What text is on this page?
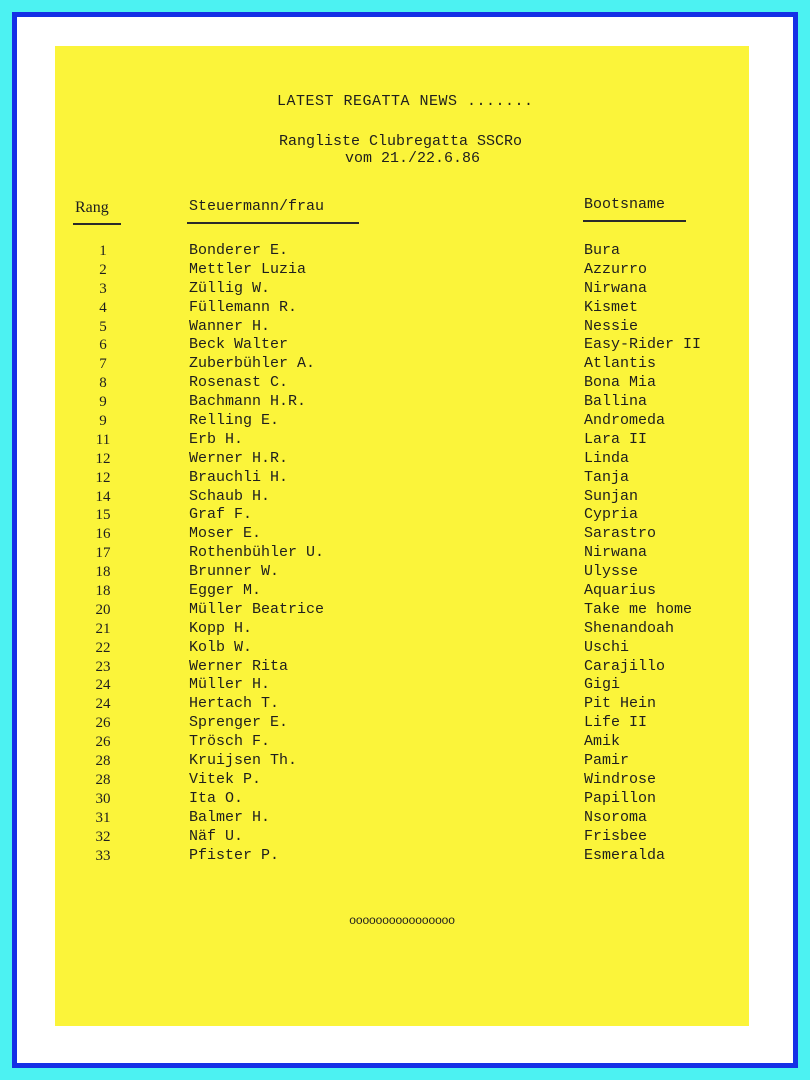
LATEST REGATTA NEWS .......
Rangliste Clubregatta SSCRo
vom 21./22.6.86
Rang	Steuermann/frau	Bootsname
1	Bonderer E.	Bura
2	Mettler Luzia	Azzurro
3	Züllig W.	Nirwana
4	Füllemann R.	Kismet
5	Wanner H.	Nessie
6	Beck Walter	Easy-Rider II
7	Zuberbühler A.	Atlantis
8	Rosenast C.	Bona Mia
9	Bachmann H.R.	Ballina
9	Relling E.	Andromeda
11	Erb H.	Lara II
12	Werner H.R.	Linda
12	Brauchli H.	Tanja
14	Schaub H.	Sunjan
15	Graf F.	Cypria
16	Moser E.	Sarastro
17	Rothenbühler U.	Nirwana
18	Brunner W.	Ulysse
18	Egger M.	Aquarius
20	Müller Beatrice	Take me home
21	Kopp H.	Shenandoah
22	Kolb W.	Uschi
23	Werner Rita	Carajillo
24	Müller H.	Gigi
24	Hertach T.	Pit Hein
26	Sprenger E.	Life II
26	Trösch F.	Amik
28	Kruijsen Th.	Pamir
28	Vitek P.	Windrose
30	Ita O.	Papillon
31	Balmer H.	Nsoroma
32	Näf U.	Frisbee
33	Pfister P.	Esmeralda
oooooooooooooooo
